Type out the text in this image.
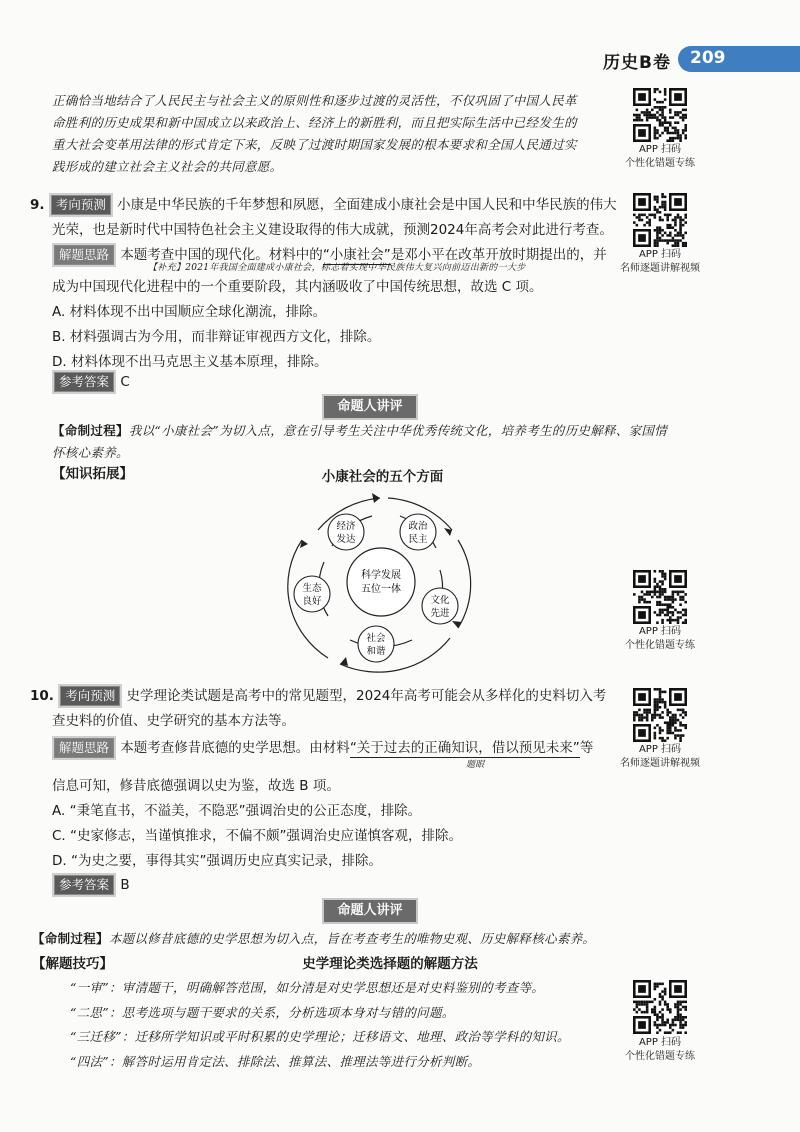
历史B卷 209
正确恰当地结合了人民民主与社会主义的原则性和逐步过渡的灵活性，不仅巩固了中国人民革
命胜利的历史成果和新中国成立以来政治上、经济上的新胜利，而且把实际生活中已经发生的
重大社会变革用法律的形式肯定下来，反映了过渡时期国家发展的根本要求和全国人民通过实
践形成的建立社会主义社会的共同意愿。
9. 考向预测 小康是中华民族的千年梦想和夙愿，全面建成小康社会是中国人民和中华民族的伟大
光荣，也是新时代中国特色社会主义建设取得的伟大成就，预测2024年高考会对此进行考查。
解题思路 本题考查中国的现代化。材料中的“小康社会”是邓小平在改革开放时期提出的，并
【补充】2021年我国全面建成小康社会，标志着实现中华民族伟大复兴向前迈出新的一大步
成为中国现代化进程中的一个重要阶段，其内涵吸收了中国传统思想，故选 C 项。
A. 材料体现不出中国顺应全球化潮流，排除。
B. 材料强调古为今用，而非辩证审视西方文化，排除。
D. 材料体现不出马克思主义基本原理，排除。
参考答案 C
命题人讲评
【命制过程】我以“小康社会”为切入点，意在引导考生关注中华优秀传统文化，培养考生的历史解释、家国情
怀核心素养。
【知识拓展】	小康社会的五个方面
科学发展
五位一体
经济
发达
政治
民主
文化
先进
社会
和谐
生态
良好
10. 考向预测 史学理论类试题是高考中的常见题型，2024年高考可能会从多样化的史料切入考
查史料的价值、史学研究的基本方法等。
解题思路 本题考查修昔底德的史学思想。由材料“关于过去的正确知识，借以预见未来”等
题眼
信息可知，修昔底德强调以史为鉴，故选 B 项。
A. “秉笔直书，不溢美，不隐恶”强调治史的公正态度，排除。
C. “史家修志，当谨慎推求，不偏不颇”强调治史应谨慎客观，排除。
D. “为史之要，事得其实”强调历史应真实记录，排除。
参考答案 B
命题人讲评
【命制过程】本题以修昔底德的史学思想为切入点，旨在考查考生的唯物史观、历史解释核心素养。
【解题技巧】	史学理论类选择题的解题方法
“一审”：审清题干，明确解答范围，如分清是对史学思想还是对史料鉴别的考查等。
“二思”：思考选项与题干要求的关系，分析选项本身对与错的问题。
“三迁移”：迁移所学知识或平时积累的史学理论；迁移语文、地理、政治等学科的知识。
“四法”：解答时运用肯定法、排除法、推算法、推理法等进行分析判断。
APP 扫码
个性化错题专练
APP 扫码
名师逐题讲解视频
APP 扫码
个性化错题专练
APP 扫码
名师逐题讲解视频
APP 扫码
个性化错题专练
